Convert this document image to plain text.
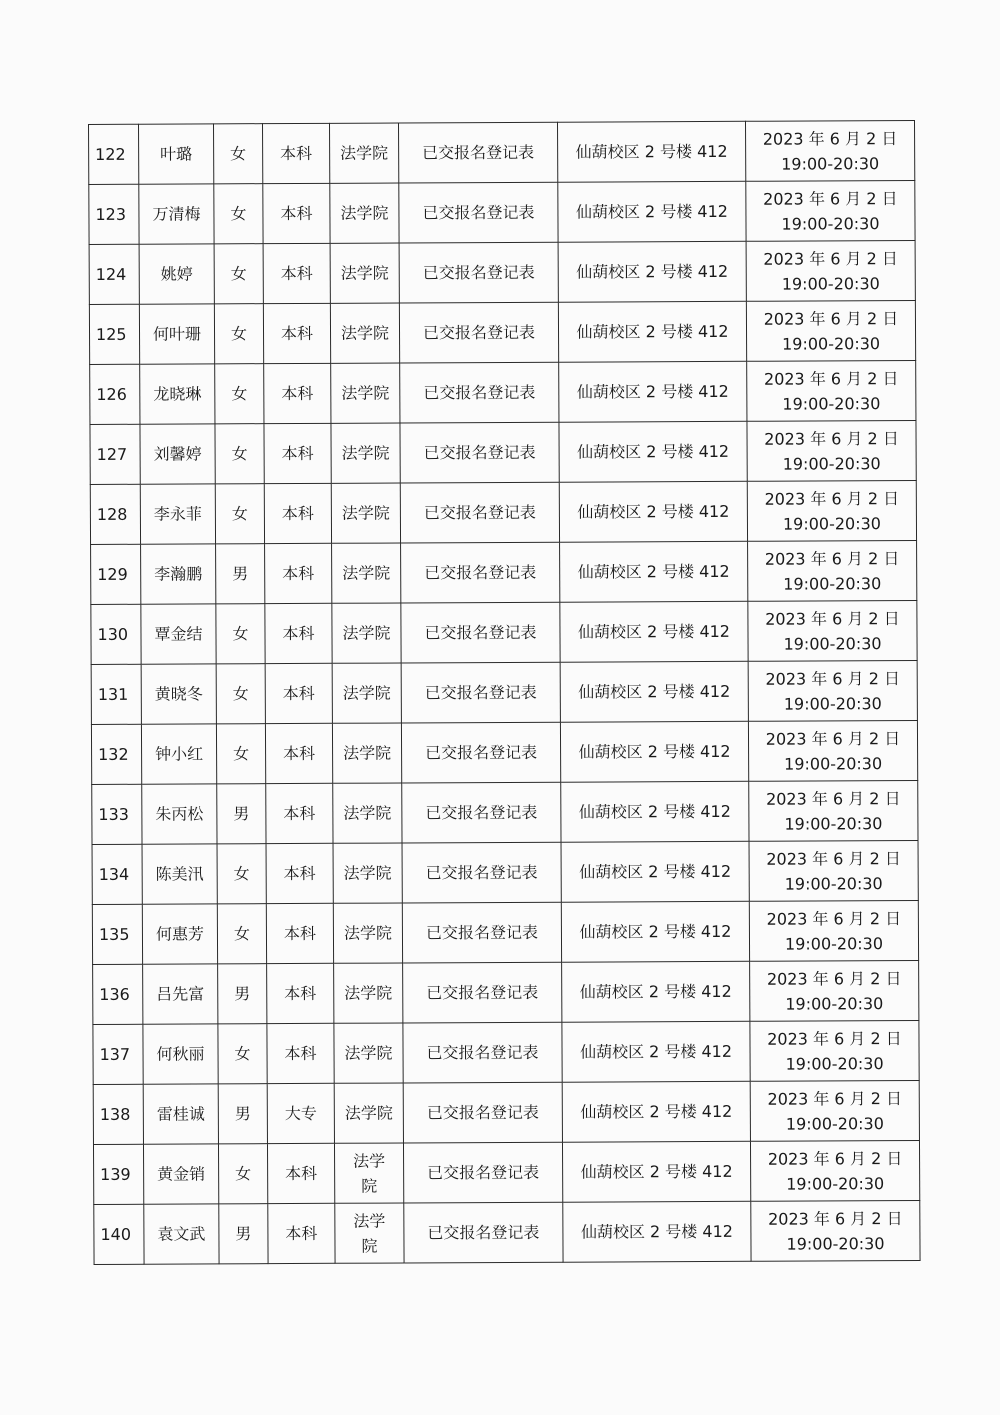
122	叶璐	女	本科	法学院	已交报名登记表	仙葫校区 2 号楼 412	2023 年 6 月 2 日
19:00-20:30

123	万清梅	女	本科	法学院	已交报名登记表	仙葫校区 2 号楼 412	2023 年 6 月 2 日
19:00-20:30

124	姚婷	女	本科	法学院	已交报名登记表	仙葫校区 2 号楼 412	2023 年 6 月 2 日
19:00-20:30

125	何叶珊	女	本科	法学院	已交报名登记表	仙葫校区 2 号楼 412	2023 年 6 月 2 日
19:00-20:30

126	龙晓琳	女	本科	法学院	已交报名登记表	仙葫校区 2 号楼 412	2023 年 6 月 2 日
19:00-20:30

127	刘馨婷	女	本科	法学院	已交报名登记表	仙葫校区 2 号楼 412	2023 年 6 月 2 日
19:00-20:30

128	李永菲	女	本科	法学院	已交报名登记表	仙葫校区 2 号楼 412	2023 年 6 月 2 日
19:00-20:30

129	李瀚鹏	男	本科	法学院	已交报名登记表	仙葫校区 2 号楼 412	2023 年 6 月 2 日
19:00-20:30

130	覃金结	女	本科	法学院	已交报名登记表	仙葫校区 2 号楼 412	2023 年 6 月 2 日
19:00-20:30

131	黄晓冬	女	本科	法学院	已交报名登记表	仙葫校区 2 号楼 412	2023 年 6 月 2 日
19:00-20:30

132	钟小红	女	本科	法学院	已交报名登记表	仙葫校区 2 号楼 412	2023 年 6 月 2 日
19:00-20:30

133	朱丙松	男	本科	法学院	已交报名登记表	仙葫校区 2 号楼 412	2023 年 6 月 2 日
19:00-20:30

134	陈美汛	女	本科	法学院	已交报名登记表	仙葫校区 2 号楼 412	2023 年 6 月 2 日
19:00-20:30

135	何惠芳	女	本科	法学院	已交报名登记表	仙葫校区 2 号楼 412	2023 年 6 月 2 日
19:00-20:30

136	吕先富	男	本科	法学院	已交报名登记表	仙葫校区 2 号楼 412	2023 年 6 月 2 日
19:00-20:30

137	何秋丽	女	本科	法学院	已交报名登记表	仙葫校区 2 号楼 412	2023 年 6 月 2 日
19:00-20:30

138	雷桂诚	男	大专	法学院	已交报名登记表	仙葫校区 2 号楼 412	2023 年 6 月 2 日
19:00-20:30

139	黄金销	女	本科	法学院	已交报名登记表	仙葫校区 2 号楼 412	2023 年 6 月 2 日
19:00-20:30

140	袁文武	男	本科	法学院	已交报名登记表	仙葫校区 2 号楼 412	2023 年 6 月 2 日
19:00-20:30
